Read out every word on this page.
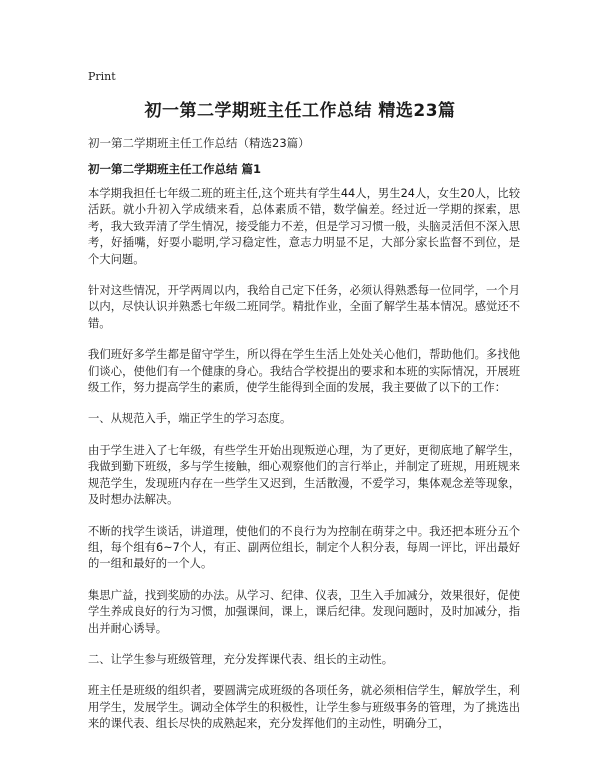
Print
初一第二学期班主任工作总结 精选23篇

初一第二学期班主任工作总结（精选23篇）

初一第二学期班主任工作总结 篇1

本学期我担任七年级二班的班主任,这个班共有学生44人，男生24人，女生20人，比较活跃。就小升初入学成绩来看，总体素质不错，数学偏差。经过近一学期的探索，思考，我大致弄清了学生情况，接受能力不差，但是学习习惯一般，头脑灵活但不深入思考，好插嘴，好耍小聪明,学习稳定性，意志力明显不足，大部分家长监督不到位，是个大问题。

针对这些情况，开学两周以内，我给自己定下任务，必须认得熟悉每一位同学，一个月以内，尽快认识并熟悉七年级二班同学。精批作业，全面了解学生基本情况。感觉还不错。

我们班好多学生都是留守学生，所以得在学生生活上处处关心他们，帮助他们。多找他们谈心，使他们有一个健康的身心。我结合学校提出的要求和本班的实际情况，开展班级工作，努力提高学生的素质，使学生能得到全面的发展，我主要做了以下的工作：

一、从规范入手，端正学生的学习态度。

由于学生进入了七年级，有些学生开始出现叛逆心理，为了更好，更彻底地了解学生，我做到勤下班级，多与学生接触，细心观察他们的言行举止，并制定了班规，用班规来规范学生，发现班内存在一些学生又迟到，生活散漫，不爱学习，集体观念差等现象，及时想办法解决。

不断的找学生谈话，讲道理，使他们的不良行为为控制在萌芽之中。我还把本班分五个组，每个组有6~7个人，有正、副两位组长，制定个人积分表，每周一评比，评出最好的一组和最好的一个人。

集思广益，找到奖励的办法。从学习、纪律、仪表，卫生入手加减分，效果很好，促使学生养成良好的行为习惯，加强课间，课上，课后纪律。发现问题时，及时加减分，指出并耐心诱导。

二、让学生参与班级管理，充分发挥课代表、组长的主动性。

班主任是班级的组织者，要圆满完成班级的各项任务，就必须相信学生，解放学生，利用学生，发展学生。调动全体学生的积极性，让学生参与班级事务的管理，为了挑选出来的课代表、组长尽快的成熟起来，充分发挥他们的主动性，明确分工，
